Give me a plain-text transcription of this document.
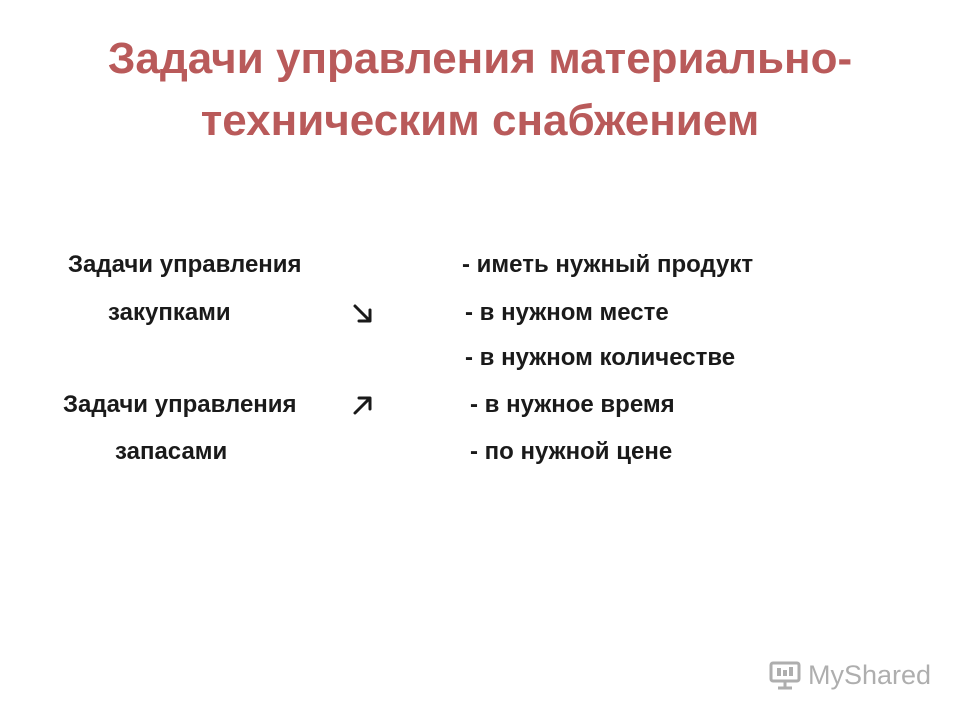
Задачи управления материально-
техническим снабжением
Задачи управления
закупками
Задачи управления
запасами
- иметь нужный продукт
- в нужном месте
- в нужном количестве
- в нужное время
- по нужной цене
MyShared
